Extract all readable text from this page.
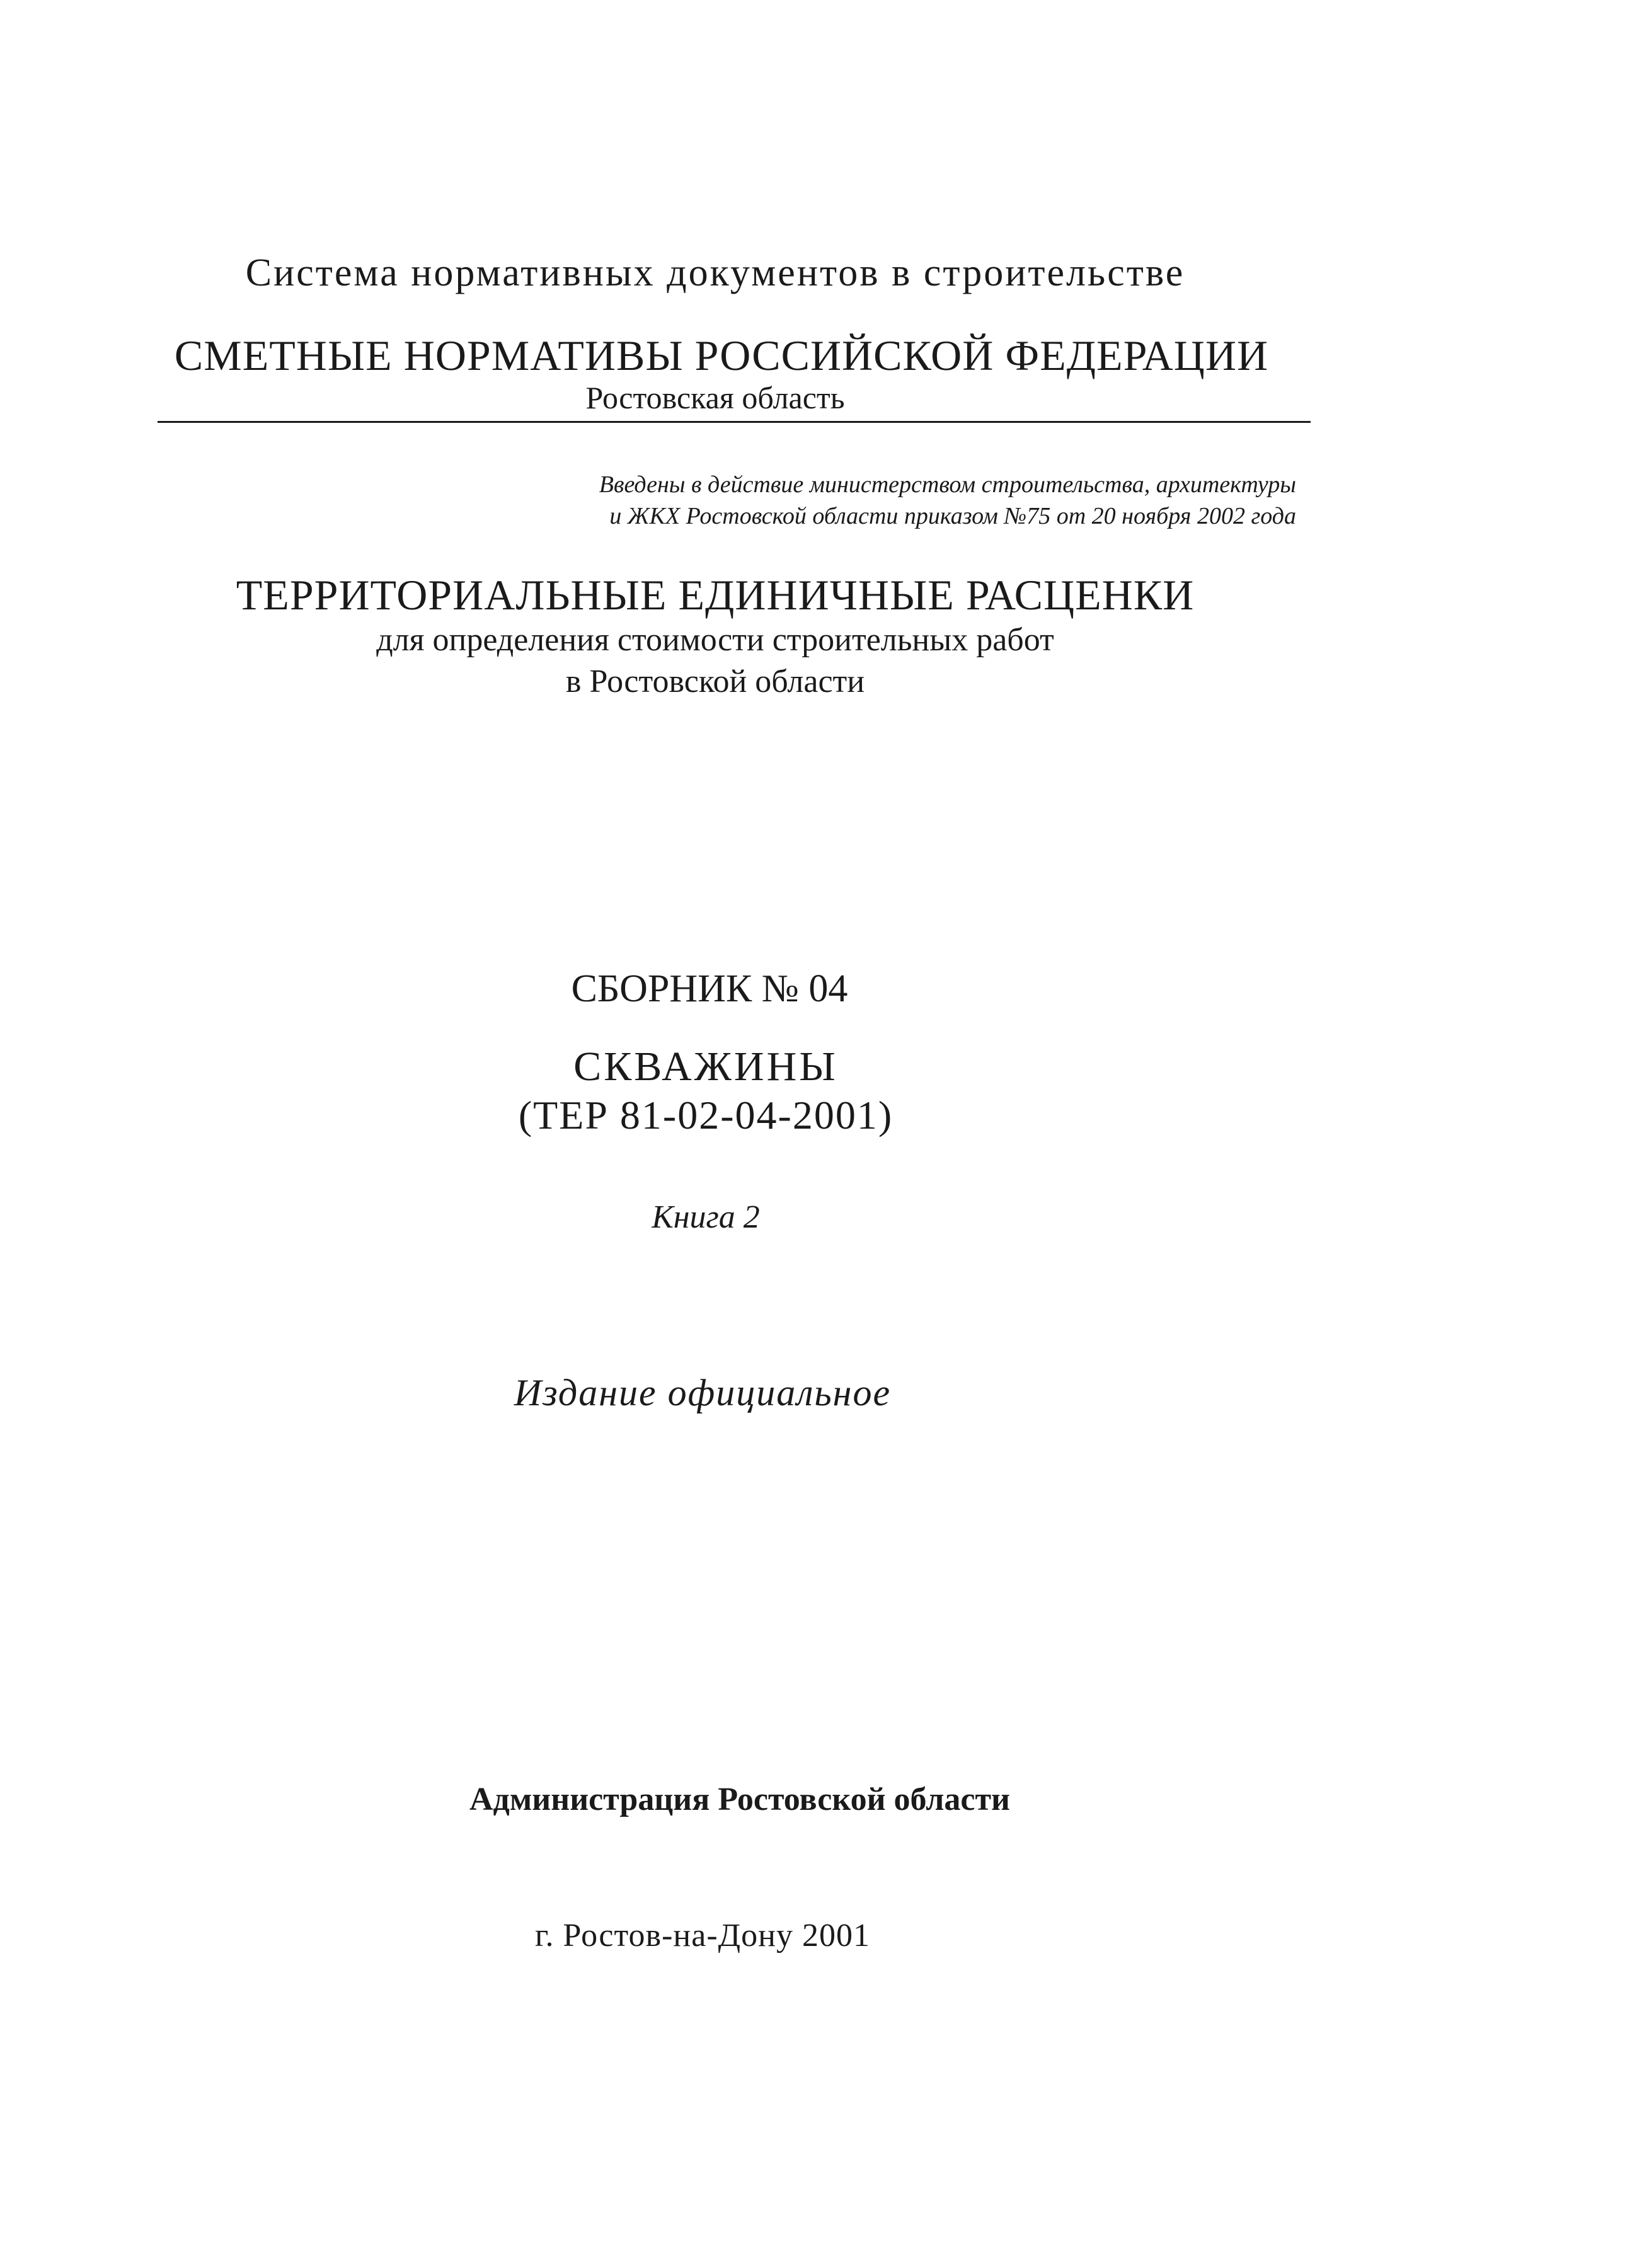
Система нормативных документов в строительстве
СМЕТНЫЕ НОРМАТИВЫ РОССИЙСКОЙ ФЕДЕРАЦИИ
Ростовская область
Введены в действие министерством строительства, архитектуры
и ЖКХ Ростовской области приказом №75 от 20 ноября 2002 года
ТЕРРИТОРИАЛЬНЫЕ ЕДИНИЧНЫЕ РАСЦЕНКИ
для определения стоимости строительных работ
в Ростовской области
СБОРНИК № 04
СКВАЖИНЫ
(ТЕР 81-02-04-2001)
Книга 2
Издание официальное
Администрация Ростовской области
г. Ростов-на-Дону 2001
